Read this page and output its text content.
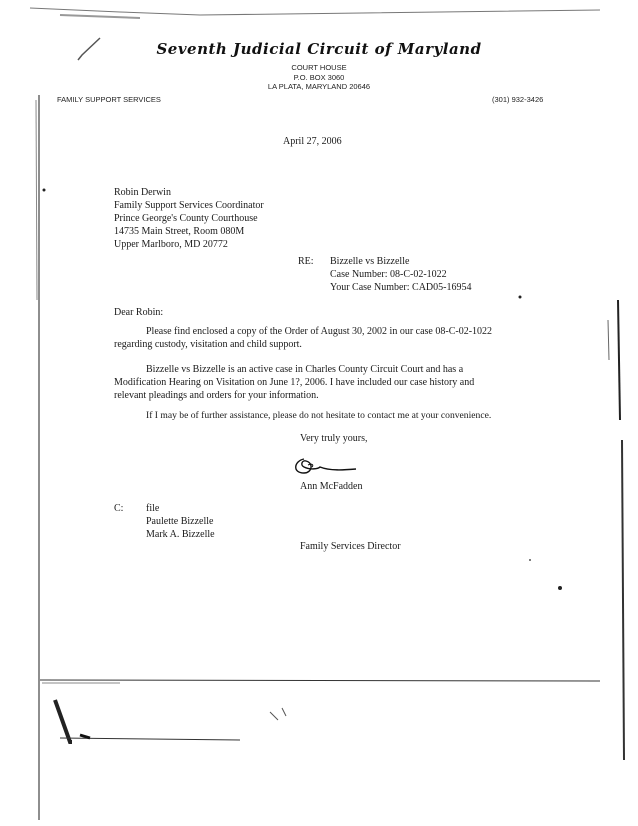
Seventh Judicial Circuit of Maryland
COURT HOUSE
P.O. BOX 3060
LA PLATA, MARYLAND 20646
FAMILY SUPPORT SERVICES	(301) 932-3426
April 27, 2006
Robin Derwin
Family Support Services Coordinator
Prince George's County Courthouse
14735 Main Street, Room 080M
Upper Marlboro, MD 20772
RE: Bizzelle vs Bizzelle
Case Number: 08-C-02-1022
Your Case Number: CAD05-16954
Dear Robin:
Please find enclosed a copy of the Order of August 30, 2002 in our case 08-C-02-1022
regarding custody, visitation and child support.
Bizzelle vs Bizzelle is an active case in Charles County Circuit Court and has a
Modification Hearing on Visitation on June 1?, 2006. I have included our case history and
relevant pleadings and orders for your information.
If I may be of further assistance, please do not hesitate to contact me at your convenience.
Very truly yours,
Ann McFadden
C: file
Paulette Bizzelle
Mark A. Bizzelle
Family Services Director
